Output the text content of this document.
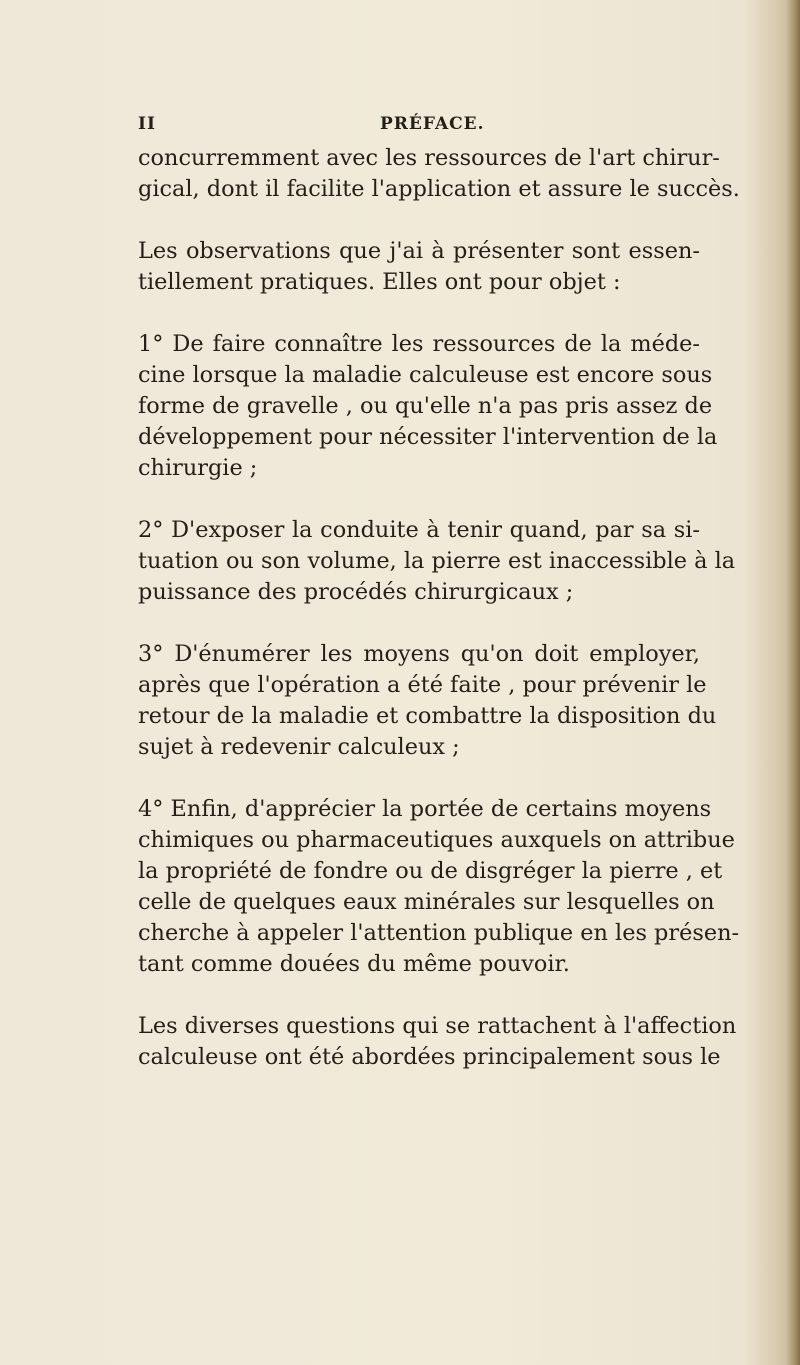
II	PRÉFACE.
concurremment avec les ressources de l'art chirur-
gical, dont il facilite l'application et assure le succès.
Les observations que j'ai à présenter sont essen-
tiellement pratiques. Elles ont pour objet :
1° De faire connaître les ressources de la méde-
cine lorsque la maladie calculeuse est encore sous
forme de gravelle , ou qu'elle n'a pas pris assez de
développement pour nécessiter l'intervention de la
chirurgie ;
2° D'exposer la conduite à tenir quand, par sa si-
tuation ou son volume, la pierre est inaccessible à la
puissance des procédés chirurgicaux ;
3° D'énumérer les moyens qu'on doit employer,
après que l'opération a été faite , pour prévenir le
retour de la maladie et combattre la disposition du
sujet à redevenir calculeux ;
4° Enfin, d'apprécier la portée de certains moyens
chimiques ou pharmaceutiques auxquels on attribue
la propriété de fondre ou de disgréger la pierre , et
celle de quelques eaux minérales sur lesquelles on
cherche à appeler l'attention publique en les présen-
tant comme douées du même pouvoir.
Les diverses questions qui se rattachent à l'affection
calculeuse ont été abordées principalement sous le
